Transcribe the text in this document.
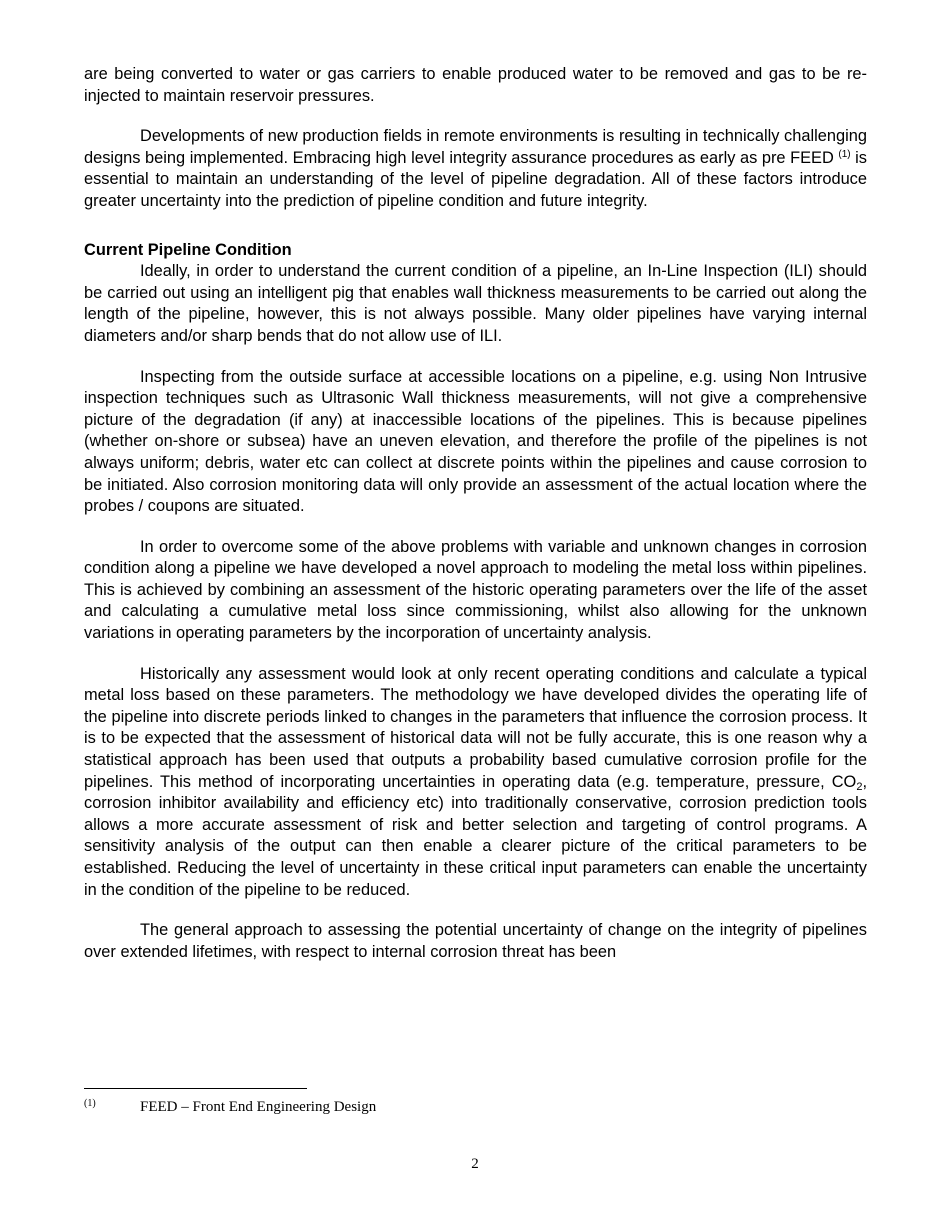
are being converted to water or gas carriers to enable produced water to be removed and gas to be re-injected to maintain reservoir pressures.

Developments of new production fields in remote environments is resulting in technically challenging designs being implemented. Embracing high level integrity assurance procedures as early as pre FEED $^{(1)}$ is essential to maintain an understanding of the level of pipeline degradation. All of these factors introduce greater uncertainty into the prediction of pipeline condition and future integrity.

Current Pipeline Condition

Ideally, in order to understand the current condition of a pipeline, an In-Line Inspection (ILI) should be carried out using an intelligent pig that enables wall thickness measurements to be carried out along the length of the pipeline, however, this is not always possible. Many older pipelines have varying internal diameters and/or sharp bends that do not allow use of ILI.

Inspecting from the outside surface at accessible locations on a pipeline, e.g. using Non Intrusive inspection techniques such as Ultrasonic Wall thickness measurements, will not give a comprehensive picture of the degradation (if any) at inaccessible locations of the pipelines. This is because pipelines (whether on-shore or subsea) have an uneven elevation, and therefore the profile of the pipelines is not always uniform; debris, water etc can collect at discrete points within the pipelines and cause corrosion to be initiated. Also corrosion monitoring data will only provide an assessment of the actual location where the probes / coupons are situated.

In order to overcome some of the above problems with variable and unknown changes in corrosion condition along a pipeline we have developed a novel approach to modeling the metal loss within pipelines. This is achieved by combining an assessment of the historic operating parameters over the life of the asset and calculating a cumulative metal loss since commissioning, whilst also allowing for the unknown variations in operating parameters by the incorporation of uncertainty analysis.

Historically any assessment would look at only recent operating conditions and calculate a typical metal loss based on these parameters. The methodology we have developed divides the operating life of the pipeline into discrete periods linked to changes in the parameters that influence the corrosion process. It is to be expected that the assessment of historical data will not be fully accurate, this is one reason why a statistical approach has been used that outputs a probability based cumulative corrosion profile for the pipelines. This method of incorporating uncertainties in operating data (e.g. temperature, pressure, $CO_2$, corrosion inhibitor availability and efficiency etc) into traditionally conservative, corrosion prediction tools allows a more accurate assessment of risk and better selection and targeting of control programs. A sensitivity analysis of the output can then enable a clearer picture of the critical parameters to be established. Reducing the level of uncertainty in these critical input parameters can enable the uncertainty in the condition of the pipeline to be reduced.

The general approach to assessing the potential uncertainty of change on the integrity of pipelines over extended lifetimes, with respect to internal corrosion threat has been

(1)	FEED – Front End Engineering Design
2
